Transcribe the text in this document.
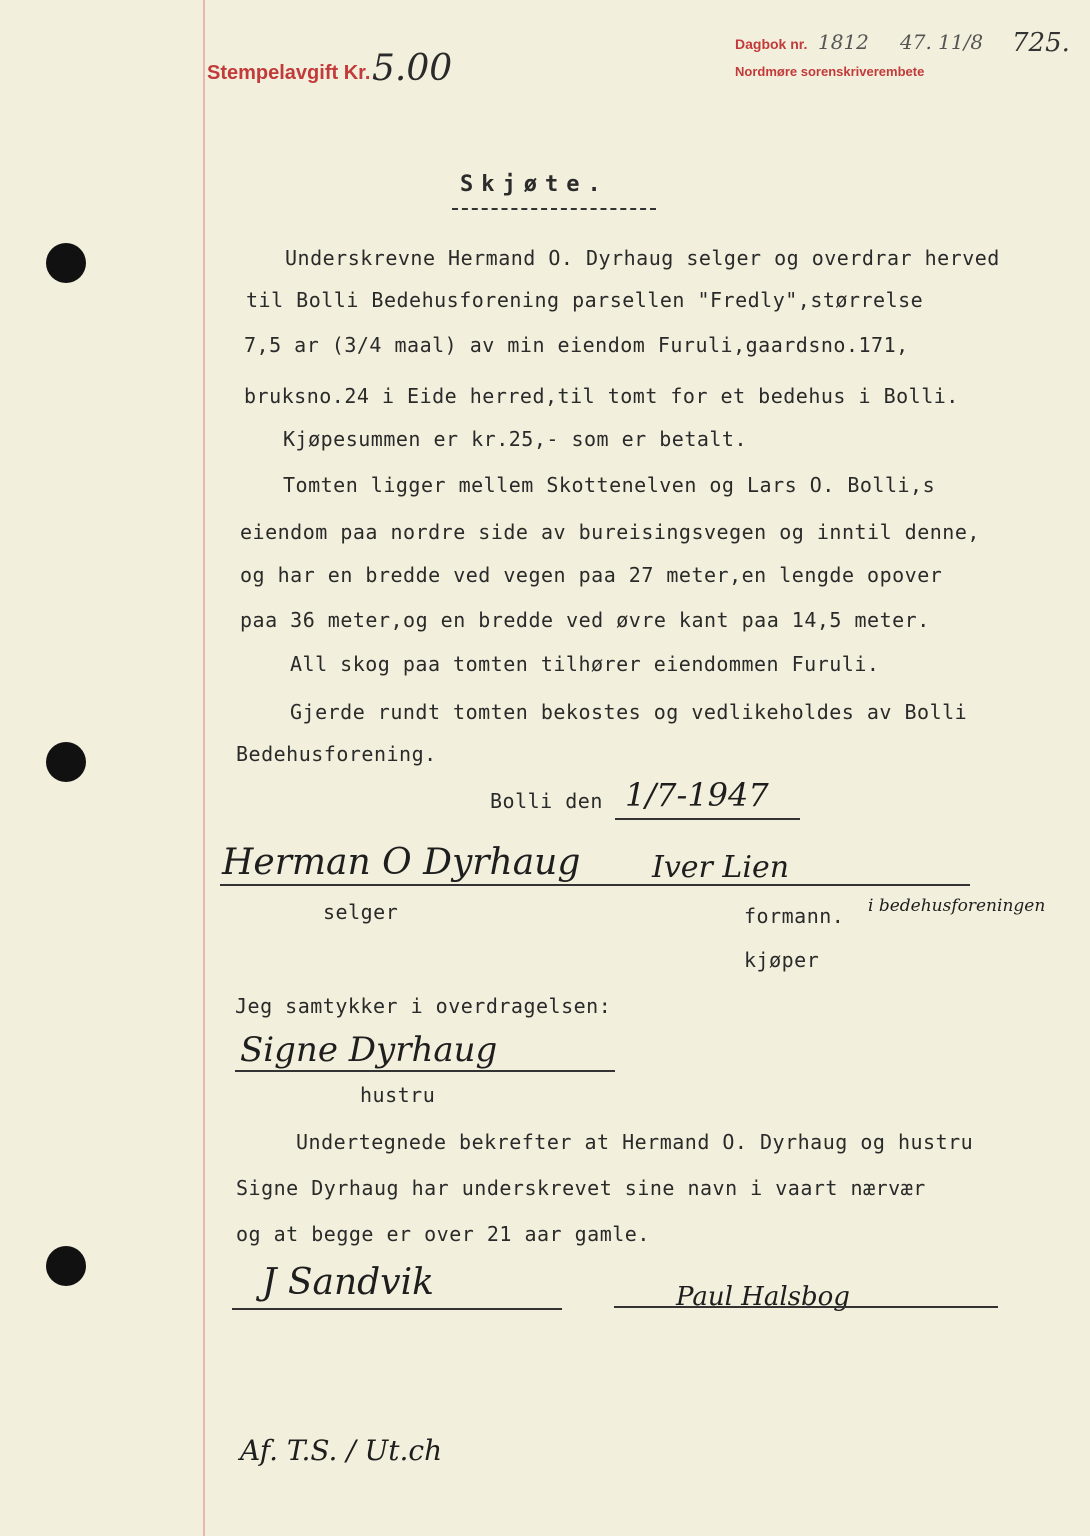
Stempelavgift Kr. 5.00
Dagbok nr. 1812 47. 11/8
Nordmøre sorenskriverembete
725.
Skjøte.
Underskrevne Hermand O. Dyrhaug selger og overdrar herved
til Bolli Bedehusforening parsellen "Fredly",størrelse
7,5 ar (3/4 maal) av min eiendom Furuli,gaardsno.171,
bruksno.24 i Eide herred,til tomt for et bedehus i Bolli.
Kjøpesummen er kr.25,- som er betalt.
Tomten ligger mellem Skottenelven og Lars O. Bolli,s
eiendom paa nordre side av bureisingsvegen og inntil denne,
og har en bredde ved vegen paa 27 meter,en lengde opover
paa 36 meter,og en bredde ved øvre kant paa 14,5 meter.
All skog paa tomten tilhører eiendommen Furuli.
Gjerde rundt tomten bekostes og vedlikeholdes av Bolli
Bedehusforening.
Bolli den 1/7-1947
Herman O Dyrhaug Iver Lien
selger	formann. i bedehusforeningen
kjøper
Jeg samtykker i overdragelsen:
Signe Dyrhaug
hustru
Undertegnede bekrefter at Hermand O. Dyrhaug og hustru
Signe Dyrhaug har underskrevet sine navn i vaart nærvær
og at begge er over 21 aar gamle.
J Sandvik	Paul Halsbog
Af. T.S. / Ut.ch
